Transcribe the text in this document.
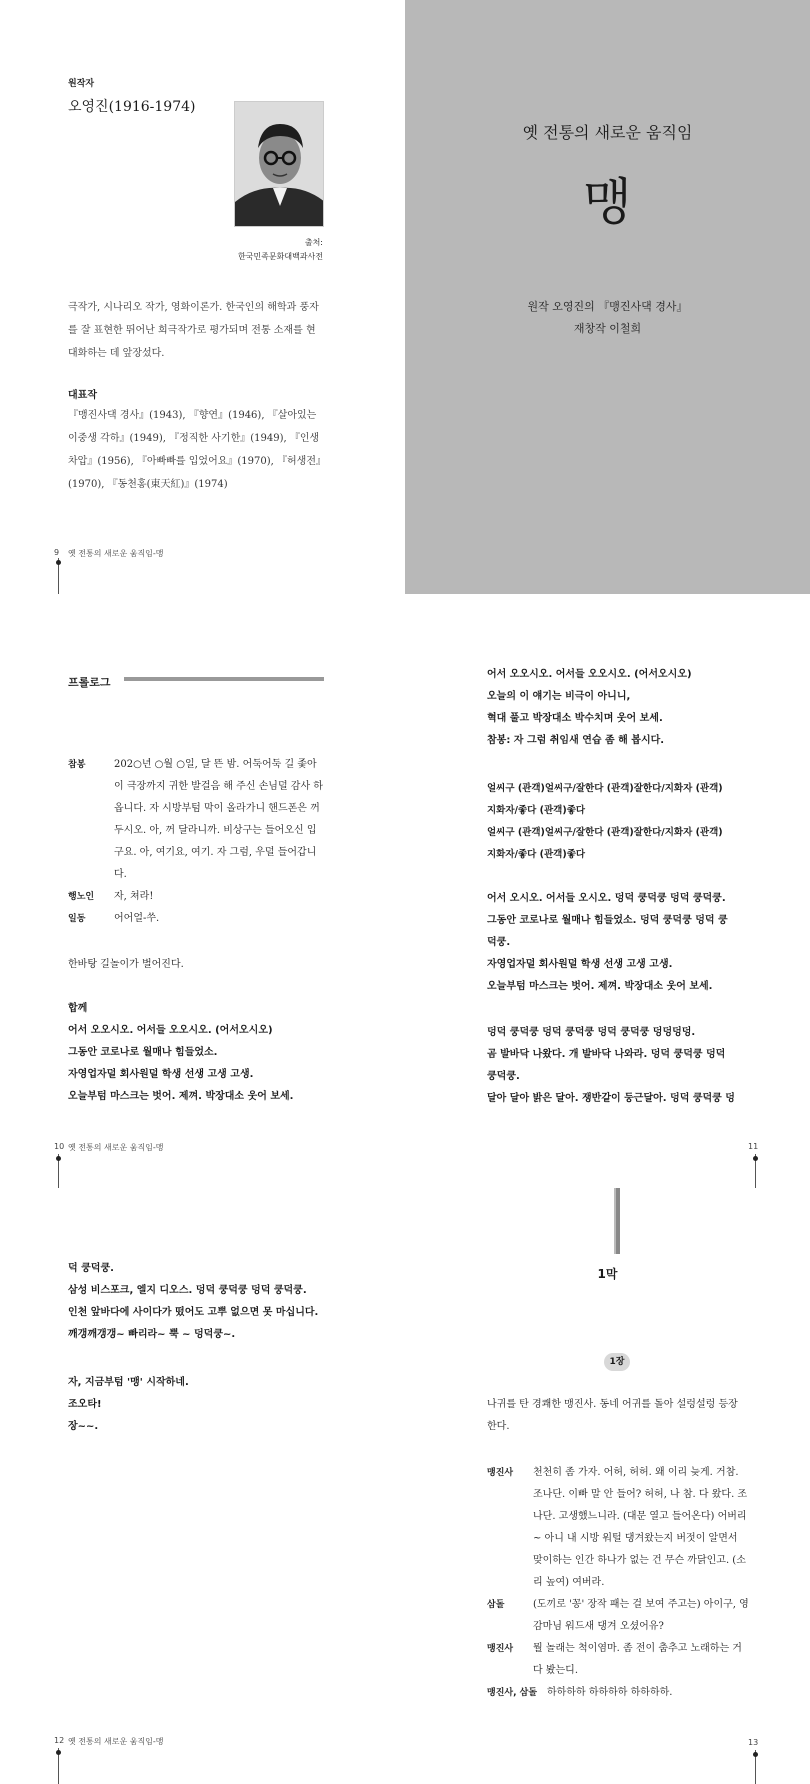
원작자
오영진(1916-1974)
출처:
한국민족문화대백과사전
극작가, 시나리오 작가, 영화이론가. 한국인의 해학과 풍자를 잘 표현한 뛰어난 희극작가로 평가되며 전통 소재를 현대화하는 데 앞장섰다.
대표작
『맹진사댁 경사』(1943), 『향연』(1946), 『살아있는 이중생 각하』(1949), 『정직한 사기한』(1949), 『인생차압』(1956), 『아빠빠를 입었어요』(1970), 『허생전』(1970), 『동천홍(東天紅)』(1974)
9 옛 전통의 새로운 움직임-맹
옛 전통의 새로운 움직임
맹
원작 오영진의 『맹진사댁 경사』
재창작 이철희
프롤로그
참봉	202○년 ○월 ○일, 달 뜬 밤. 어둑어둑 길 좇아 이 극장까지 귀한 발걸음 해 주신 손님덜 감사 하옵니다. 자 시방부텀 막이 올라가니 핸드폰은 꺼 두시오. 아, 꺼 달라니까. 비상구는 들어오신 입구요. 아, 여기요, 여기. 자 그럼, 우덜 들어갑니다.
행노인	자, 쳐라!
일동	어어얼-쑤.
한바탕 길놀이가 벌어진다.
합께
어서 오오시오. 어서들 오오시오. (어서오시오)
그동안 코로나로 월매나 힘들었소.
자영업자덜 회사원덜 학생 선생 고생 고생.
오늘부텀 마스크는 벗어. 제껴. 박장대소 웃어 보세.
10 옛 전통의 새로운 움직임-맹
어서 오오시오. 어서들 오오시오. (어서오시오)
오늘의 이 얘기는 비극이 아니니,
혁대 풀고 박장대소 박수치며 웃어 보세.
참봉: 자 그럼 취임새 연습 좀 해 봅시다.
얼씨구 (관객)얼씨구/잘한다 (관객)잘한다/지화자 (관객)
지화자/좋다 (관객)좋다
얼씨구 (관객)얼씨구/잘한다 (관객)잘한다/지화자 (관객)
지화자/좋다 (관객)좋다
어서 오시오. 어서들 오시오. 덩덕 쿵덕쿵 덩덕 쿵덕쿵.
그동안 코로나로 월매나 힘들었소. 덩덕 쿵덕쿵 덩덕 쿵
덕쿵.
자영업자덜 회사원덜 학생 선생 고생 고생.
오늘부텀 마스크는 벗어. 제껴. 박장대소 웃어 보세.
덩덕 쿵덕쿵 덩덕 쿵덕쿵 덩덕 쿵덕쿵 덩덩덩덩.
곰 발바닥 나왔다. 개 발바닥 나와라. 덩덕 쿵덕쿵 덩덕
쿵덕쿵.
달아 달아 밝은 달아. 쟁반같이 둥근달아. 덩덕 쿵덕쿵 덩
11
덕 쿵덕쿵.
삼성 비스포크, 엘지 디오스. 덩덕 쿵덕쿵 덩덕 쿵덕쿵.
인천 앞바다에 사이다가 떴어도 고뿌 없으면 못 마십니다.
깨갱깨갱갱~ 빠리라~ 뿍 ~ 덩덕쿵~.
자, 지금부텀 '맹' 시작하네.
조오타!
장~~.
12 옛 전통의 새로운 움직임-맹
맹진사	천천히 좀 가자. 어허, 허허. 왜 이리 늦게. 거참. 조나단. 이빠 말 안 들어? 허허, 나 참. 다 왔다. 조나단. 고생했느니라. (대문 열고 들어온다) 어버리~ 아니 내 시방 워털 댕겨왔는지 버젓이 알면서 맞이하는 인간 하나가 없는 건 무슨 까닭인고. (소리 높여) 여버라.
삼돌	(도끼로 '꽁' 장작 패는 걸 보여 주고는) 아이구, 영감마님 워드새 댕겨 오셨어유?
맹진사	뭘 놀래는 척이염마. 좀 전이 춤추고 노래하는 거 다 봤는디.
맹진사, 삼돌 하하하하 하하하하 하하하하.
13
1막
1장
나귀를 탄 경쾌한 맹진사. 동네 어귀를 돌아 설렁설렁 등장한다.
